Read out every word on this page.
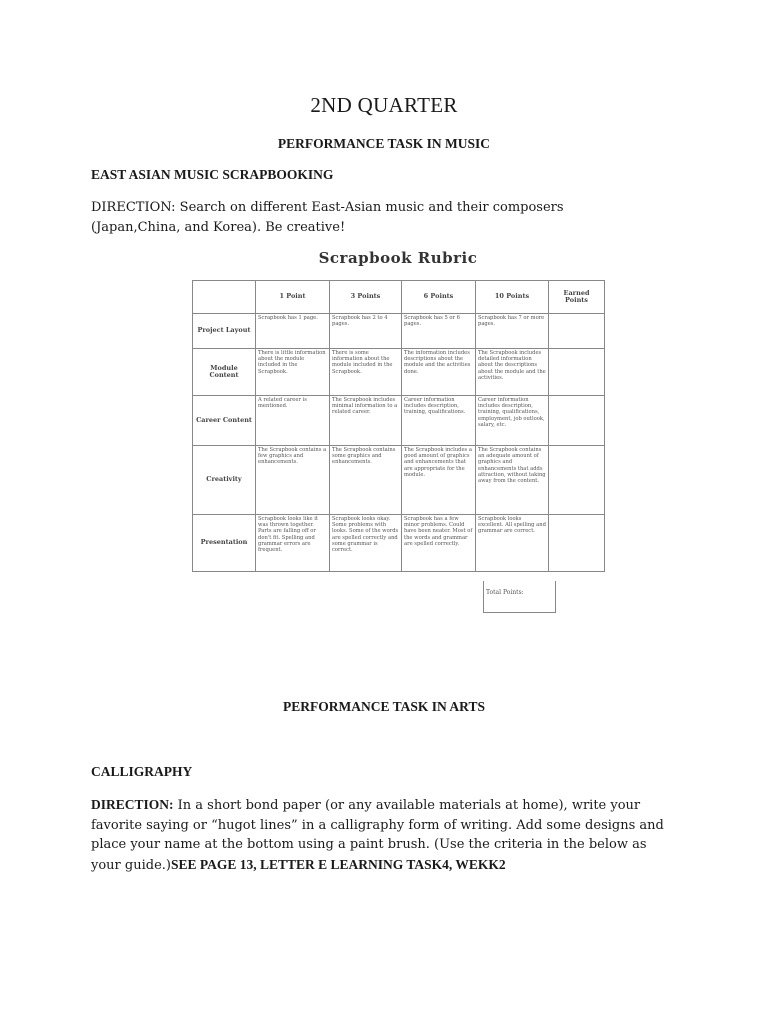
2ND QUARTER
PERFORMANCE TASK IN MUSIC
EAST ASIAN MUSIC SCRAPBOOKING
DIRECTION: Search on different East-Asian music and their composers
(Japan,China, and Korea). Be creative!
Scrapbook Rubric
	1 Point	3 Points	6 Points	10 Points	Earned Points
Project Layout	Scrapbook has 1 page.	Scrapbook has 2 to 4 pages.	Scrapbook has 5 or 6 pages.	Scrapbook has 7 or more pages.	
Module Content	There is little information about the module included in the Scrapbook.	There is some information about the module included in the Scrapbook.	The information includes descriptions about the module and the activities done.	The Scrapbook includes detailed information about the descriptions about the module and the activities.	
Career Content	A related career is mentioned.	The Scrapbook includes minimal information to a related career.	Career information includes description, training, qualifications.	Career information includes description, training, qualifications, employment, job outlook, salary, etc.	
Creativity	The Scrapbook contains a few graphics and enhancements.	The Scrapbook contains some graphics and enhancements.	The Scrapbook includes a good amount of graphics and enhancements that are appropriate for the module.	The Scrapbook contains an adequate amount of graphics and enhancements that adds attraction, without taking away from the content.	
Presentation	Scrapbook looks like it was thrown together. Parts are falling off or don't fit. Spelling and grammar errors are frequent.	Scrapbook looks okay. Some problems with looks. Some of the words are spelled correctly and some grammar is correct.	Scrapbook has a few minor problems. Could have been neater. Most of the words and grammar are spelled correctly.	Scrapbook looks excellent. All spelling and grammar are correct.	
Total Points:
PERFORMANCE TASK IN ARTS
CALLIGRAPHY
DIRECTION: In a short bond paper (or any available materials at home), write your
favorite saying or “hugot lines” in a calligraphy form of writing. Add some designs and
place your name at the bottom using a paint brush. (Use the criteria in the below as
your guide.)SEE PAGE 13, LETTER E LEARNING TASK4, WEKK2
